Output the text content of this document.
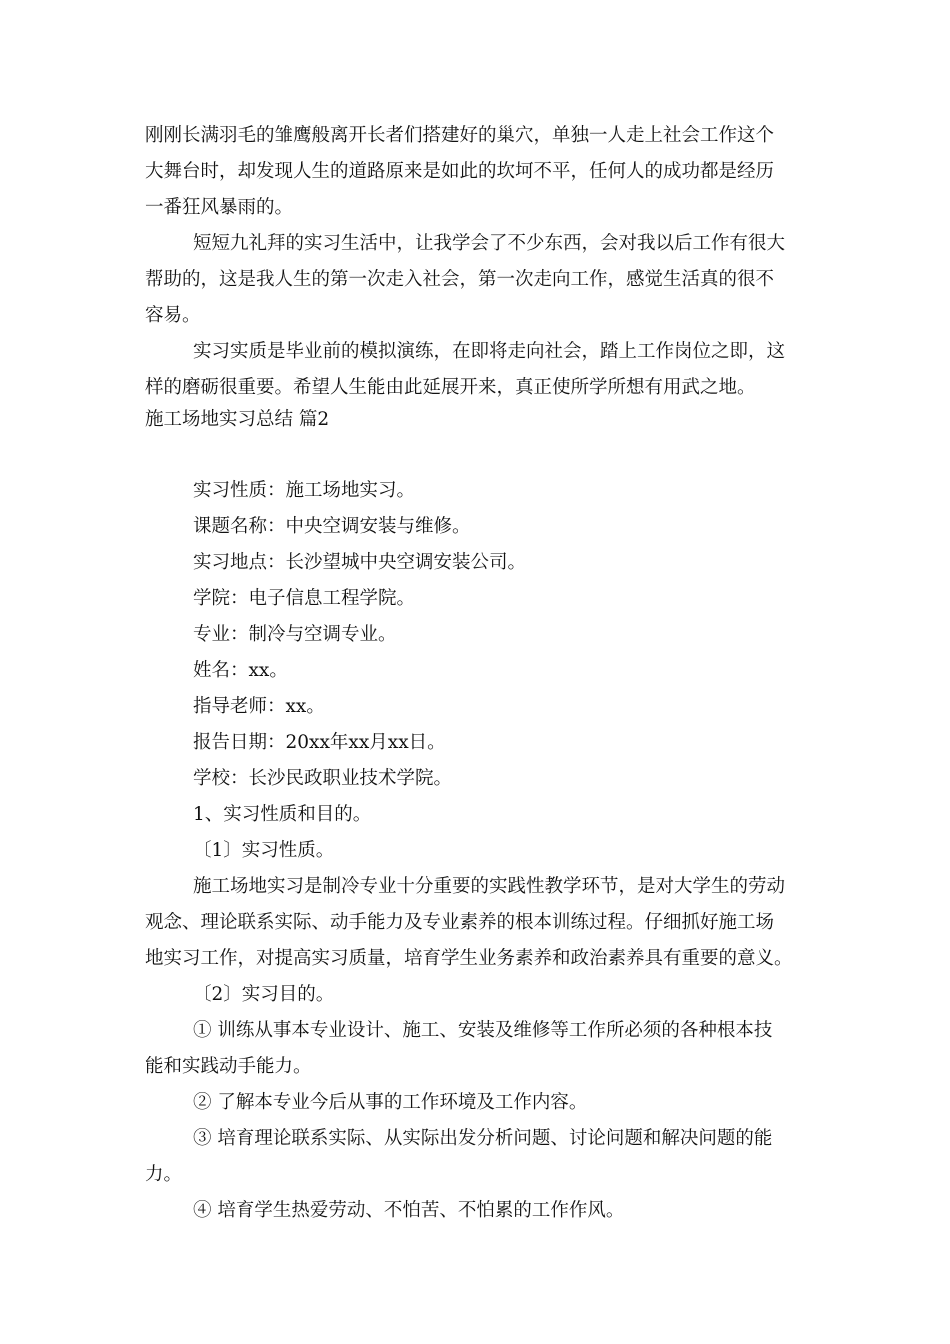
刚刚长满羽毛的雏鹰般离开长者们搭建好的巢穴，单独一人走上社会工作这个
大舞台时，却发现人生的道路原来是如此的坎坷不平，任何人的成功都是经历
一番狂风暴雨的。
短短九礼拜的实习生活中，让我学会了不少东西，会对我以后工作有很大
帮助的，这是我人生的第一次走入社会，第一次走向工作，感觉生活真的很不
容易。
实习实质是毕业前的模拟演练，在即将走向社会，踏上工作岗位之即，这
样的磨砺很重要。希望人生能由此延展开来，真正使所学所想有用武之地。
施工场地实习总结 篇2
实习性质：施工场地实习。
课题名称：中央空调安装与维修。
实习地点：长沙望城中央空调安装公司。
学院：电子信息工程学院。
专业：制冷与空调专业。
姓名：xx。
指导老师：xx。
报告日期：20xx年xx月xx日。
学校：长沙民政职业技术学院。
1、实习性质和目的。
〔1〕实习性质。
施工场地实习是制冷专业十分重要的实践性教学环节，是对大学生的劳动
观念、理论联系实际、动手能力及专业素养的根本训练过程。仔细抓好施工场
地实习工作，对提高实习质量，培育学生业务素养和政治素养具有重要的意义。
〔2〕实习目的。
① 训练从事本专业设计、施工、安装及维修等工作所必须的各种根本技
能和实践动手能力。
② 了解本专业今后从事的工作环境及工作内容。
③ 培育理论联系实际、从实际出发分析问题、讨论问题和解决问题的能
力。
④ 培育学生热爱劳动、不怕苦、不怕累的工作作风。
